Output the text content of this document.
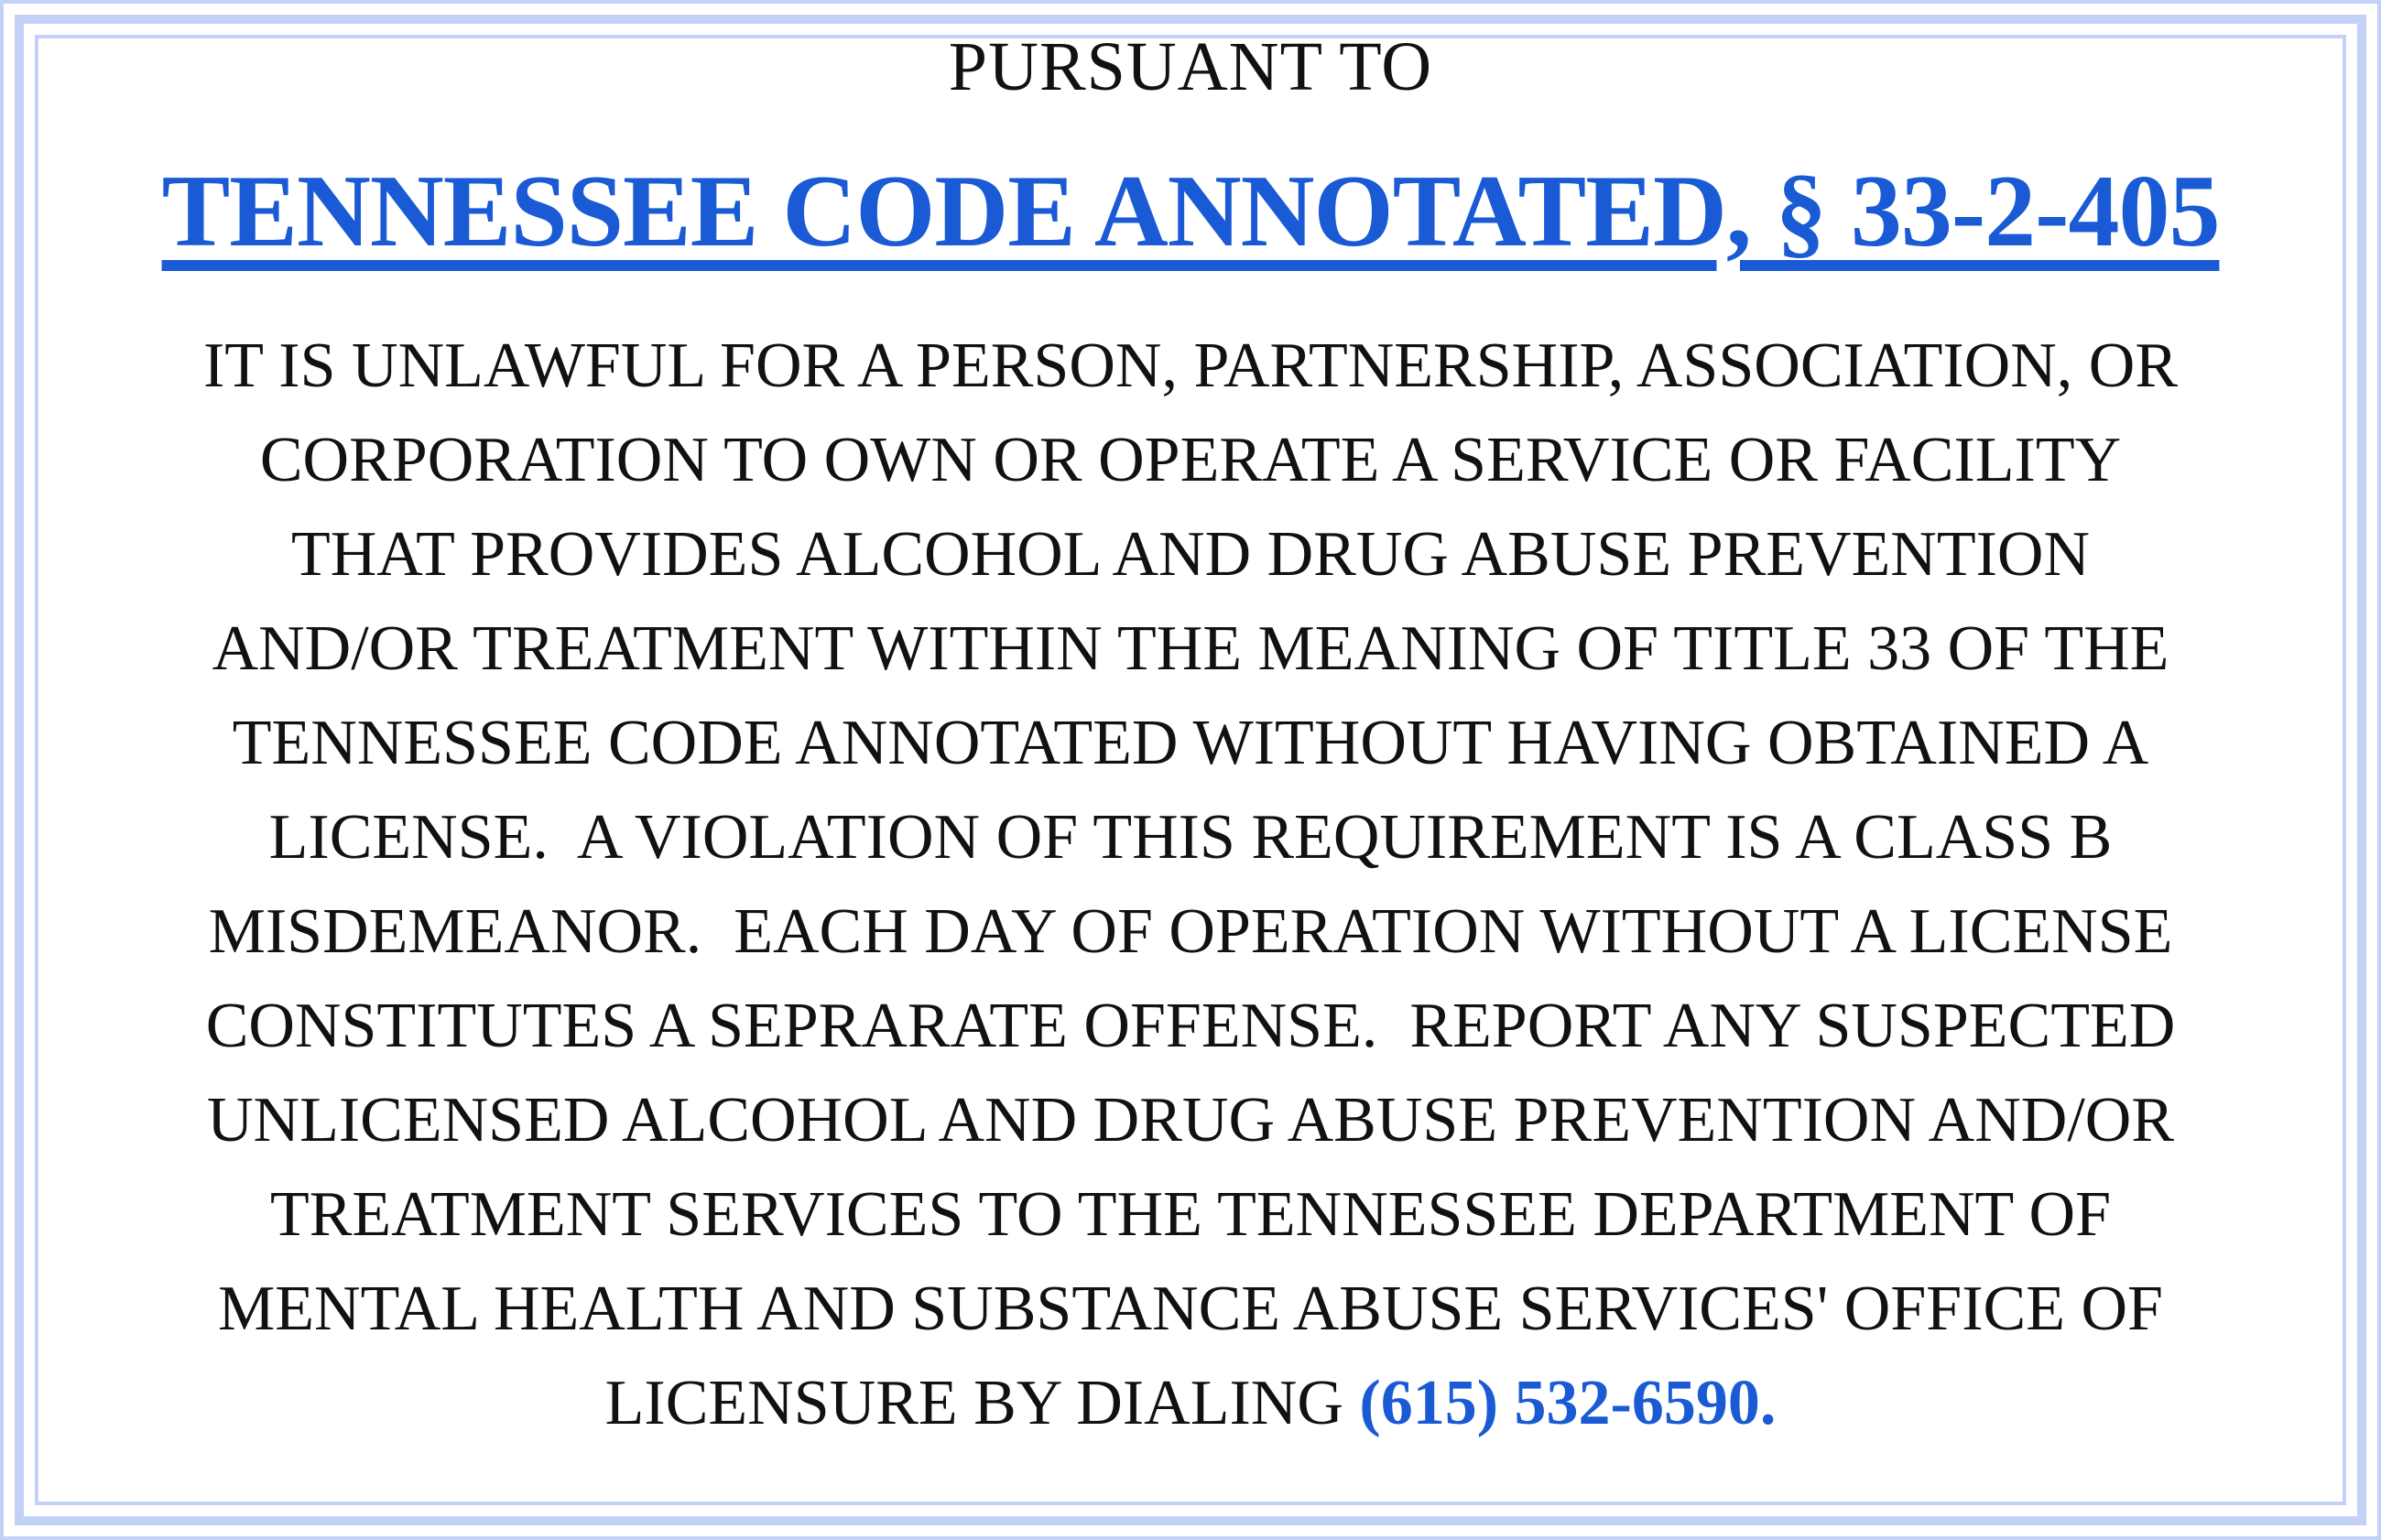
PURSUANT TO
TENNESSEE CODE ANNOTATED, § 33-2-405
IT IS UNLAWFUL FOR A PERSON, PARTNERSHIP, ASSOCIATION, OR
CORPORATION TO OWN OR OPERATE A SERVICE OR FACILITY
THAT PROVIDES ALCOHOL AND DRUG ABUSE PREVENTION
AND/OR TREATMENT WITHIN THE MEANING OF TITLE 33 OF THE
TENNESSEE CODE ANNOTATED WITHOUT HAVING OBTAINED A
LICENSE.  A VIOLATION OF THIS REQUIREMENT IS A CLASS B
MISDEMEANOR.  EACH DAY OF OPERATION WITHOUT A LICENSE
CONSTITUTES A SEPRARATE OFFENSE.  REPORT ANY SUSPECTED
UNLICENSED ALCOHOL AND DRUG ABUSE PREVENTION AND/OR
TREATMENT SERVICES TO THE TENNESSEE DEPARTMENT OF
MENTAL HEALTH AND SUBSTANCE ABUSE SERVICES' OFFICE OF
LICENSURE BY DIALING (615) 532-6590.
